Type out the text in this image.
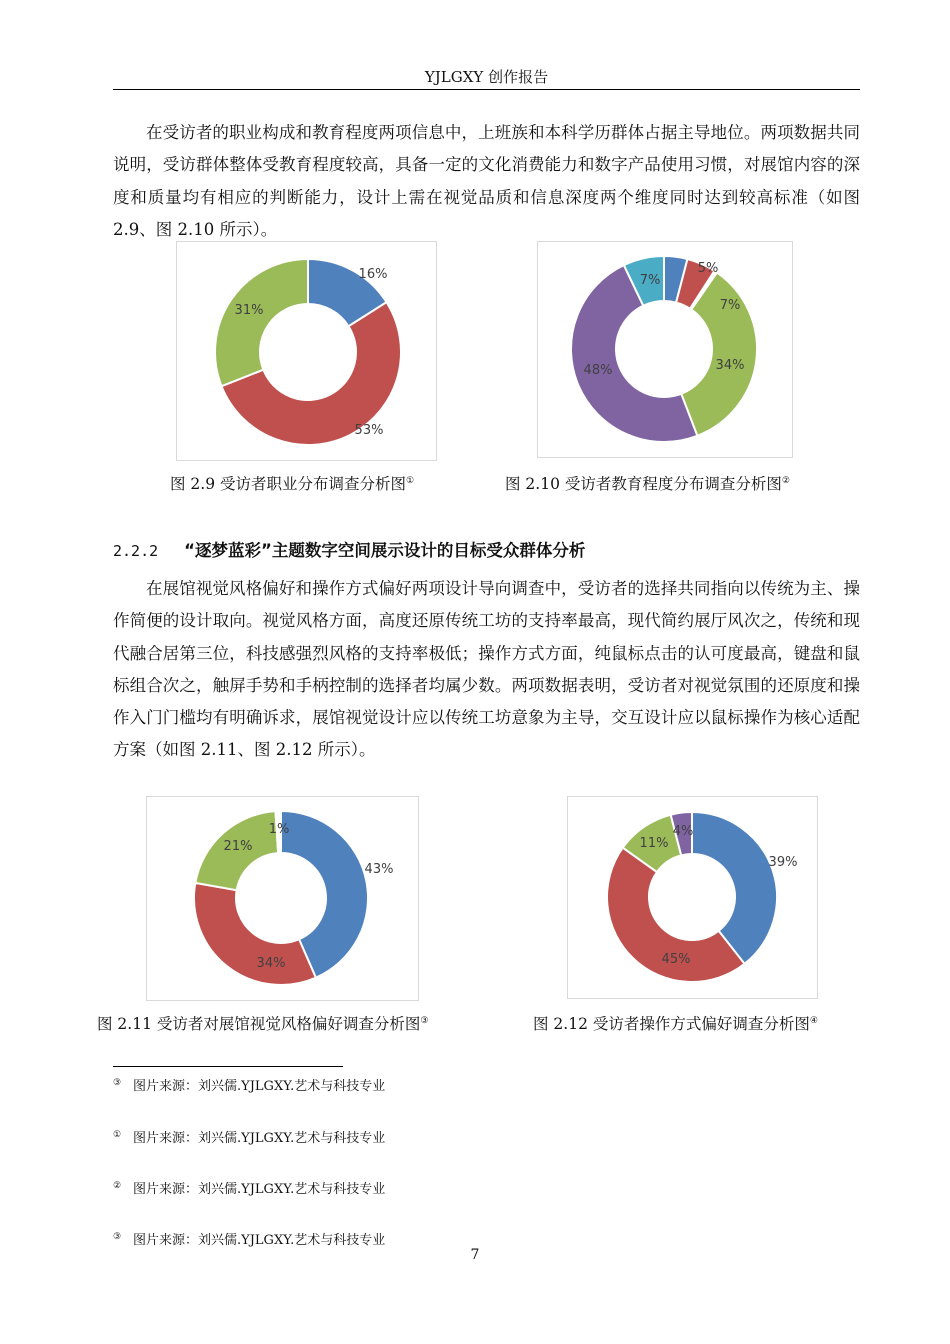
YJLGXY 创作报告

在受访者的职业构成和教育程度两项信息中，上班族和本科学历群体占据主导地位。两项数据共同说明，受访群体整体受教育程度较高，具备一定的文化消费能力和数字产品使用习惯，对展馆内容的深度和质量均有相应的判断能力，设计上需在视觉品质和信息深度两个维度同时达到较高标准（如图 2.9、图 2.10 所示）。

16%
53%
31%
5%
7%
34%
48%
7%
图 2.9 受访者职业分布调查分析图①	图 2.10 受访者教育程度分布调查分析图②
2.2.2 “逐梦蓝彩”主题数字空间展示设计的目标受众群体分析

在展馆视觉风格偏好和操作方式偏好两项设计导向调查中，受访者的选择共同指向以传统为主、操作简便的设计取向。视觉风格方面，高度还原传统工坊的支持率最高，现代简约展厅风次之，传统和现代融合居第三位，科技感强烈风格的支持率极低；操作方式方面，纯鼠标点击的认可度最高，键盘和鼠标组合次之，触屏手势和手柄控制的选择者均属少数。两项数据表明，受访者对视觉氛围的还原度和操作入门门槛均有明确诉求，展馆视觉设计应以传统工坊意象为主导，交互设计应以鼠标操作为核心适配方案（如图 2.11、图 2.12 所示）。

43%
34%
21%
1%
39%
45%
11%
4%
图 2.11 受访者对展馆视觉风格偏好调查分析图③	图 2.12 受访者操作方式偏好调查分析图④
③ 图片来源：刘兴儒.YJLGXY.艺术与科技专业
① 图片来源：刘兴儒.YJLGXY.艺术与科技专业
② 图片来源：刘兴儒.YJLGXY.艺术与科技专业
③ 图片来源：刘兴儒.YJLGXY.艺术与科技专业
7
